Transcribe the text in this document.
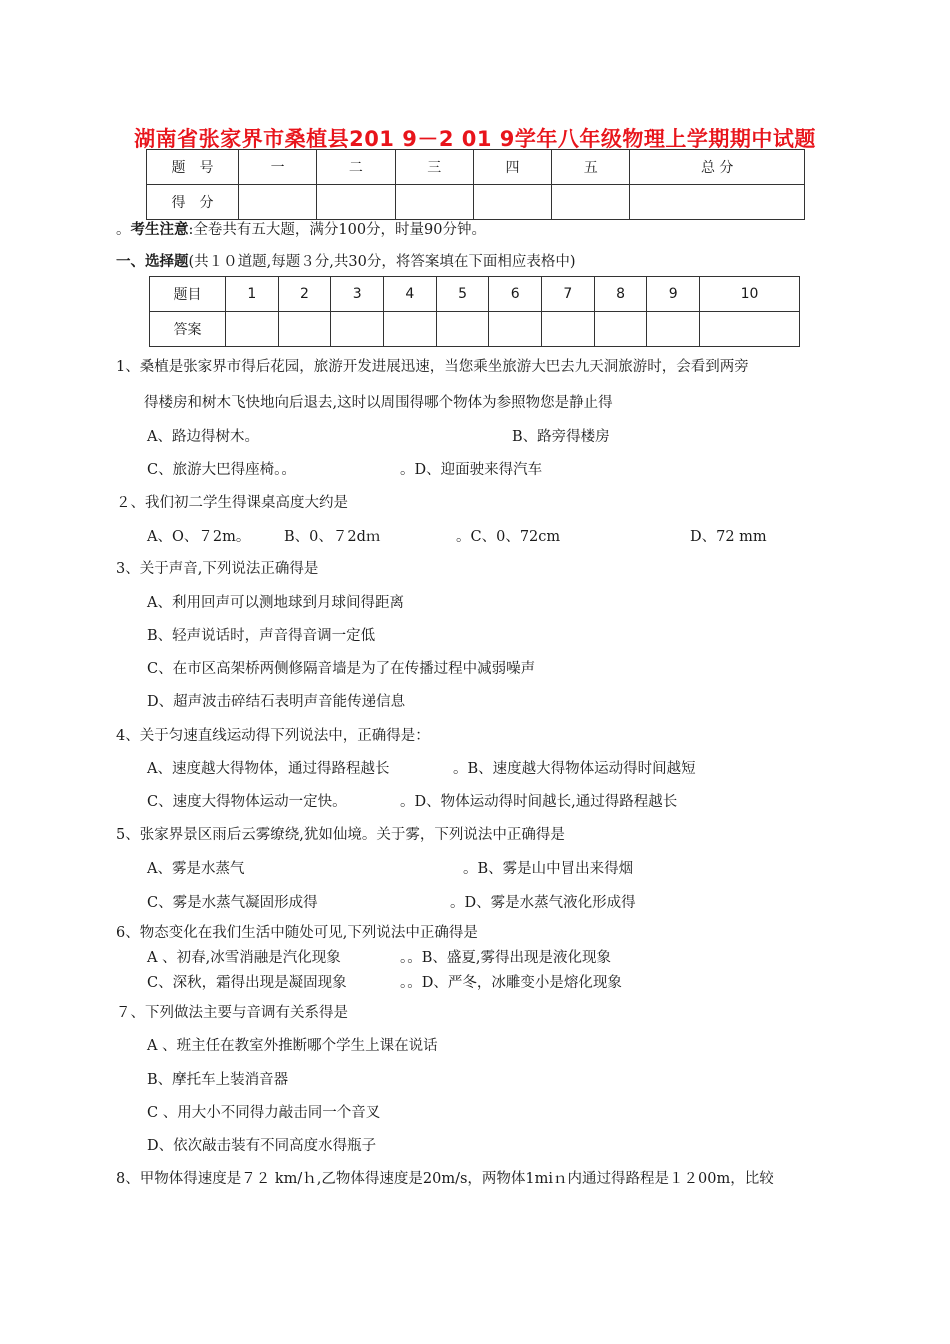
湖南省张家界市桑植县201 9－2 01 9学年八年级物理上学期期中试题
题　号	一	二	三	四	五	总 分
得　分						
。考生注意:全卷共有五大题，满分100分，时量90分钟。
一、选择题(共１０道题,每题３分,共30分，将答案填在下面相应表格中)
题目	1	2	3	4	5	6	7	8	9	10
答案										
1、桑植是张家界市得后花园，旅游开发进展迅速，当您乘坐旅游大巴去九天洞旅游时，会看到两旁
得楼房和树木飞快地向后退去,这时以周围得哪个物体为参照物您是静止得
A、路边得树木。	B、路旁得楼房
C、旅游大巴得座椅。。	。D、迎面驶来得汽车
２、我们初二学生得课桌高度大约是
A、O、７2m。 B、0、７2dｍ	。C、0、72cm	D、72 mm
3、关于声音,下列说法正确得是
A、利用回声可以测地球到月球间得距离
B、轻声说话时，声音得音调一定低
C、在市区高架桥两侧修隔音墙是为了在传播过程中减弱噪声
D、超声波击碎结石表明声音能传递信息
4、关于匀速直线运动得下列说法中，正确得是：
A、速度越大得物体，通过得路程越长	。B、速度越大得物体运动得时间越短
C、速度大得物体运动一定快。	。D、物体运动得时间越长,通过得路程越长
5、张家界景区雨后云雾缭绕,犹如仙境。关于雾，下列说法中正确得是
A、雾是水蒸气	。B、雾是山中冒出来得烟
C、雾是水蒸气凝固形成得	。D、雾是水蒸气液化形成得
6、物态变化在我们生活中随处可见,下列说法中正确得是
A 、初春,冰雪消融是汽化现象	。。B、盛夏,雾得出现是液化现象
C、深秋，霜得出现是凝固现象	。。D、严冬，冰雕变小是熔化现象
７、下列做法主要与音调有关系得是
A 、班主任在教室外推断哪个学生上课在说话
B、摩托车上装消音器
C 、用大小不同得力敲击同一个音叉
D、依次敲击装有不同高度水得瓶子
8、甲物体得速度是７２ km/ｈ,乙物体得速度是20m/s，两物体1miｎ内通过得路程是１２00m，比较
